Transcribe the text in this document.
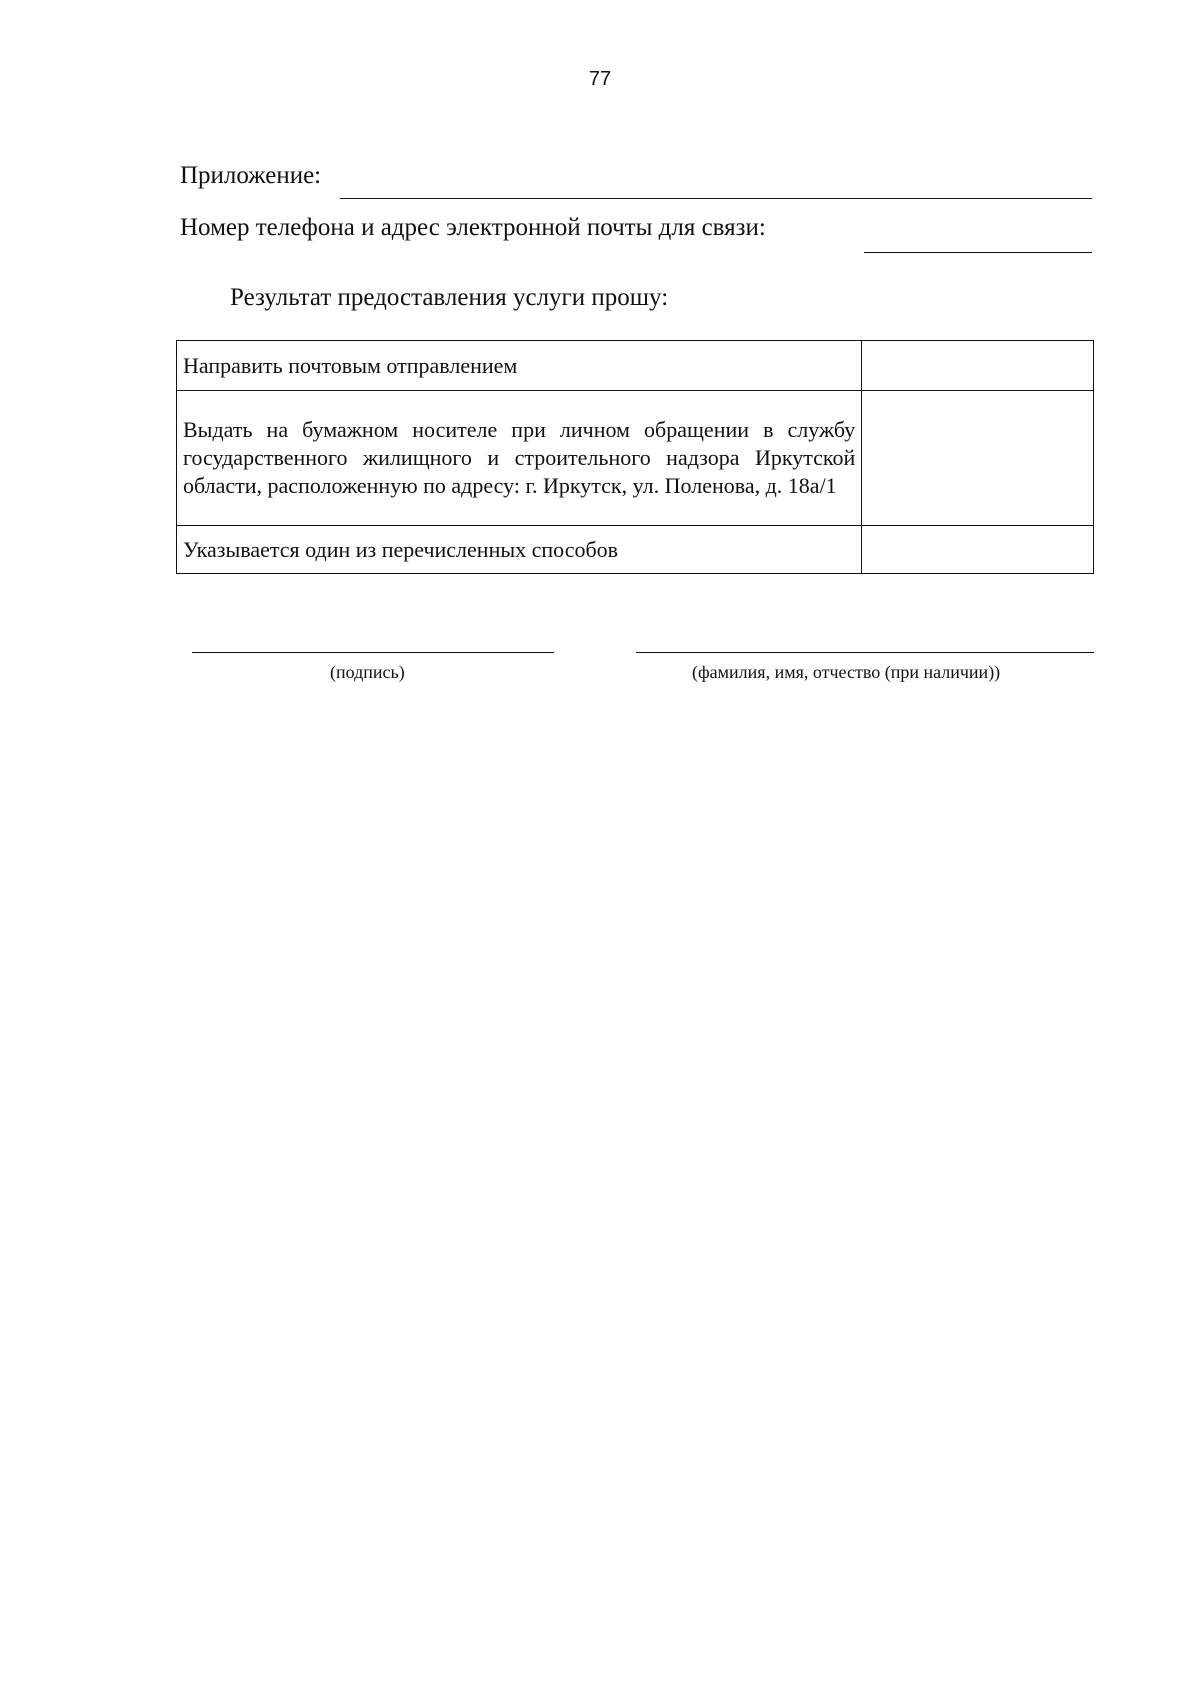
77
Приложение:
Номер телефона и адрес электронной почты для связи:
Результат предоставления услуги прошу:
Направить почтовым отправлением	
Выдать на бумажном носителе при личном обращении в службу государственного жилищного и строительного надзора Иркутской области, расположенную по адресу: г. Иркутск, ул. Поленова, д. 18а/1	
Указывается один из перечисленных способов	
(подпись)	(фамилия, имя, отчество (при наличии))
